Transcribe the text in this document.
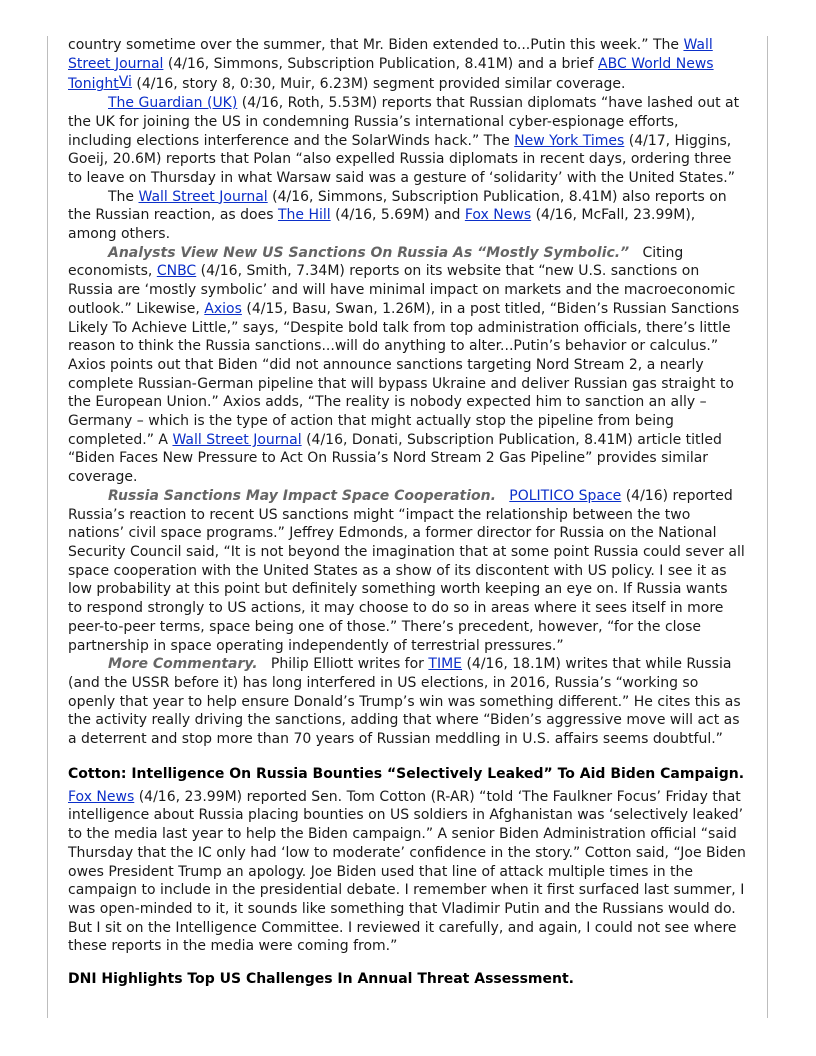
country sometime over the summer, that Mr. Biden extended to...Putin this week.” The Wall Street Journal (4/16, Simmons, Subscription Publication, 8.41M) and a brief ABC World News TonightVi (4/16, story 8, 0:30, Muir, 6.23M) segment provided similar coverage.

The Guardian (UK) (4/16, Roth, 5.53M) reports that Russian diplomats “have lashed out at the UK for joining the US in condemning Russia’s international cyber-espionage efforts, including elections interference and the SolarWinds hack.” The New York Times (4/17, Higgins, Goeij, 20.6M) reports that Polan “also expelled Russia diplomats in recent days, ordering three to leave on Thursday in what Warsaw said was a gesture of ‘solidarity’ with the United States.”

The Wall Street Journal (4/16, Simmons, Subscription Publication, 8.41M) also reports on the Russian reaction, as does The Hill (4/16, 5.69M) and Fox News (4/16, McFall, 23.99M), among others.

Analysts View New US Sanctions On Russia As “Mostly Symbolic.”   Citing economists, CNBC (4/16, Smith, 7.34M) reports on its website that “new U.S. sanctions on Russia are ‘mostly symbolic’ and will have minimal impact on markets and the macroeconomic outlook.” Likewise, Axios (4/15, Basu, Swan, 1.26M), in a post titled, “Biden’s Russian Sanctions Likely To Achieve Little,” says, “Despite bold talk from top administration officials, there’s little reason to think the Russia sanctions...will do anything to alter...Putin’s behavior or calculus.” Axios points out that Biden “did not announce sanctions targeting Nord Stream 2, a nearly complete Russian-German pipeline that will bypass Ukraine and deliver Russian gas straight to the European Union.” Axios adds, “The reality is nobody expected him to sanction an ally – Germany – which is the type of action that might actually stop the pipeline from being completed.” A Wall Street Journal (4/16, Donati, Subscription Publication, 8.41M) article titled “Biden Faces New Pressure to Act On Russia’s Nord Stream 2 Gas Pipeline” provides similar coverage.

Russia Sanctions May Impact Space Cooperation. POLITICO Space (4/16) reported Russia’s reaction to recent US sanctions might “impact the relationship between the two nations’ civil space programs.” Jeffrey Edmonds, a former director for Russia on the National Security Council said, “It is not beyond the imagination that at some point Russia could sever all space cooperation with the United States as a show of its discontent with US policy. I see it as low probability at this point but definitely something worth keeping an eye on. If Russia wants to respond strongly to US actions, it may choose to do so in areas where it sees itself in more peer-to-peer terms, space being one of those.” There’s precedent, however, “for the close partnership in space operating independently of terrestrial pressures.”

More Commentary.   Philip Elliott writes for TIME (4/16, 18.1M) writes that while Russia (and the USSR before it) has long interfered in US elections, in 2016, Russia’s “working so openly that year to help ensure Donald’s Trump’s win was something different.” He cites this as the activity really driving the sanctions, adding that where “Biden’s aggressive move will act as a deterrent and stop more than 70 years of Russian meddling in U.S. affairs seems doubtful.”

Cotton: Intelligence On Russia Bounties “Selectively Leaked” To Aid Biden Campaign.

Fox News (4/16, 23.99M) reported Sen. Tom Cotton (R-AR) “told ‘The Faulkner Focus’ Friday that intelligence about Russia placing bounties on US soldiers in Afghanistan was ‘selectively leaked’ to the media last year to help the Biden campaign.” A senior Biden Administration official “said Thursday that the IC only had ‘low to moderate’ confidence in the story.” Cotton said, “Joe Biden owes President Trump an apology. Joe Biden used that line of attack multiple times in the campaign to include in the presidential debate. I remember when it first surfaced last summer, I was open-minded to it, it sounds like something that Vladimir Putin and the Russians would do. But I sit on the Intelligence Committee. I reviewed it carefully, and again, I could not see where these reports in the media were coming from.”

DNI Highlights Top US Challenges In Annual Threat Assessment.
